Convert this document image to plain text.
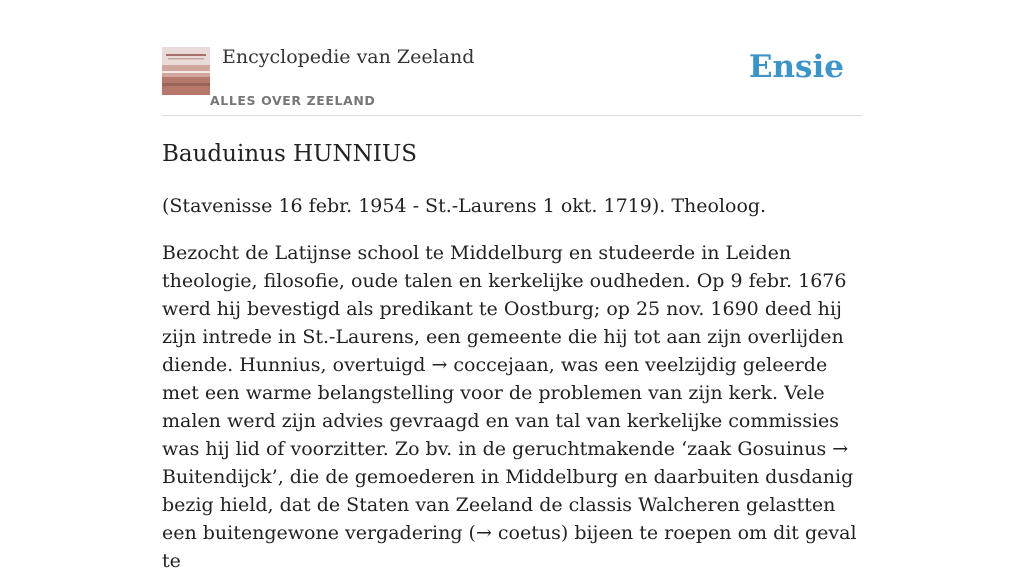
Encyclopedie van Zeeland
ALLES OVER ZEELAND
Ensie
Bauduinus HUNNIUS

(Stavenisse 16 febr. 1954 - St.-Laurens 1 okt. 1719). Theoloog.

Bezocht de Latijnse school te Middelburg en studeerde in Leiden theologie, filosofie, oude talen en kerkelijke oudheden. Op 9 febr. 1676 werd hij bevestigd als predikant te Oostburg; op 25 nov. 1690 deed hij zijn intrede in St.-Laurens, een gemeente die hij tot aan zijn overlijden diende. Hunnius, overtuigd → coccejaan, was een veelzijdig geleerde met een warme belangstelling voor de problemen van zijn kerk. Vele malen werd zijn advies gevraagd en van tal van kerkelijke commissies was hij lid of voorzitter. Zo bv. in de geruchtmakende ‘zaak Gosuinus → Buitendijck’, die de gemoederen in Middelburg en daarbuiten dusdanig bezig hield, dat de Staten van Zeeland de classis Walcheren gelastten een buitengewone vergadering (→ coetus) bijeen te roepen om dit geval te
